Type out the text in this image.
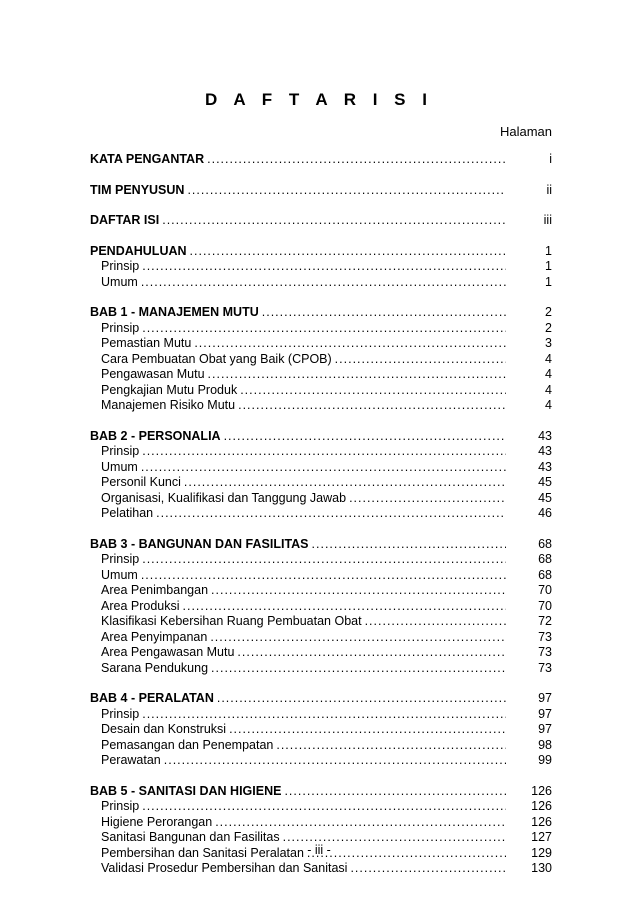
D A F T A R I S I
Halaman
KATA PENGANTAR .....	i
TIM PENYUSUN .....	ii
DAFTAR ISI .....	iii
PENDAHULUAN .....	1
Prinsip .....	1
Umum .....	1
BAB 1 - MANAJEMEN MUTU .....	2
Prinsip .....	2
Pemastian Mutu .....	3
Cara Pembuatan Obat yang Baik (CPOB) .....	4
Pengawasan Mutu .....	4
Pengkajian Mutu Produk .....	4
Manajemen Risiko Mutu .....	4
BAB 2 - PERSONALIA .....	43
Prinsip .....	43
Umum .....	43
Personil Kunci .....	45
Organisasi, Kualifikasi dan Tanggung Jawab .....	45
Pelatihan .....	46
BAB 3 - BANGUNAN DAN FASILITAS .....	68
Prinsip .....	68
Umum .....	68
Area Penimbangan .....	70
Area Produksi .....	70
Klasifikasi Kebersihan Ruang Pembuatan Obat .....	72
Area Penyimpanan .....	73
Area Pengawasan Mutu .....	73
Sarana Pendukung .....	73
BAB 4 - PERALATAN .....	97
Prinsip .....	97
Desain dan Konstruksi .....	97
Pemasangan dan Penempatan .....	98
Perawatan .....	99
BAB 5 - SANITASI DAN HIGIENE .....	126
Prinsip .....	126
Higiene Perorangan .....	126
Sanitasi Bangunan dan Fasilitas .....	127
Pembersihan dan Sanitasi Peralatan .....	129
Validasi Prosedur Pembersihan dan Sanitasi .....	130
- iii -
